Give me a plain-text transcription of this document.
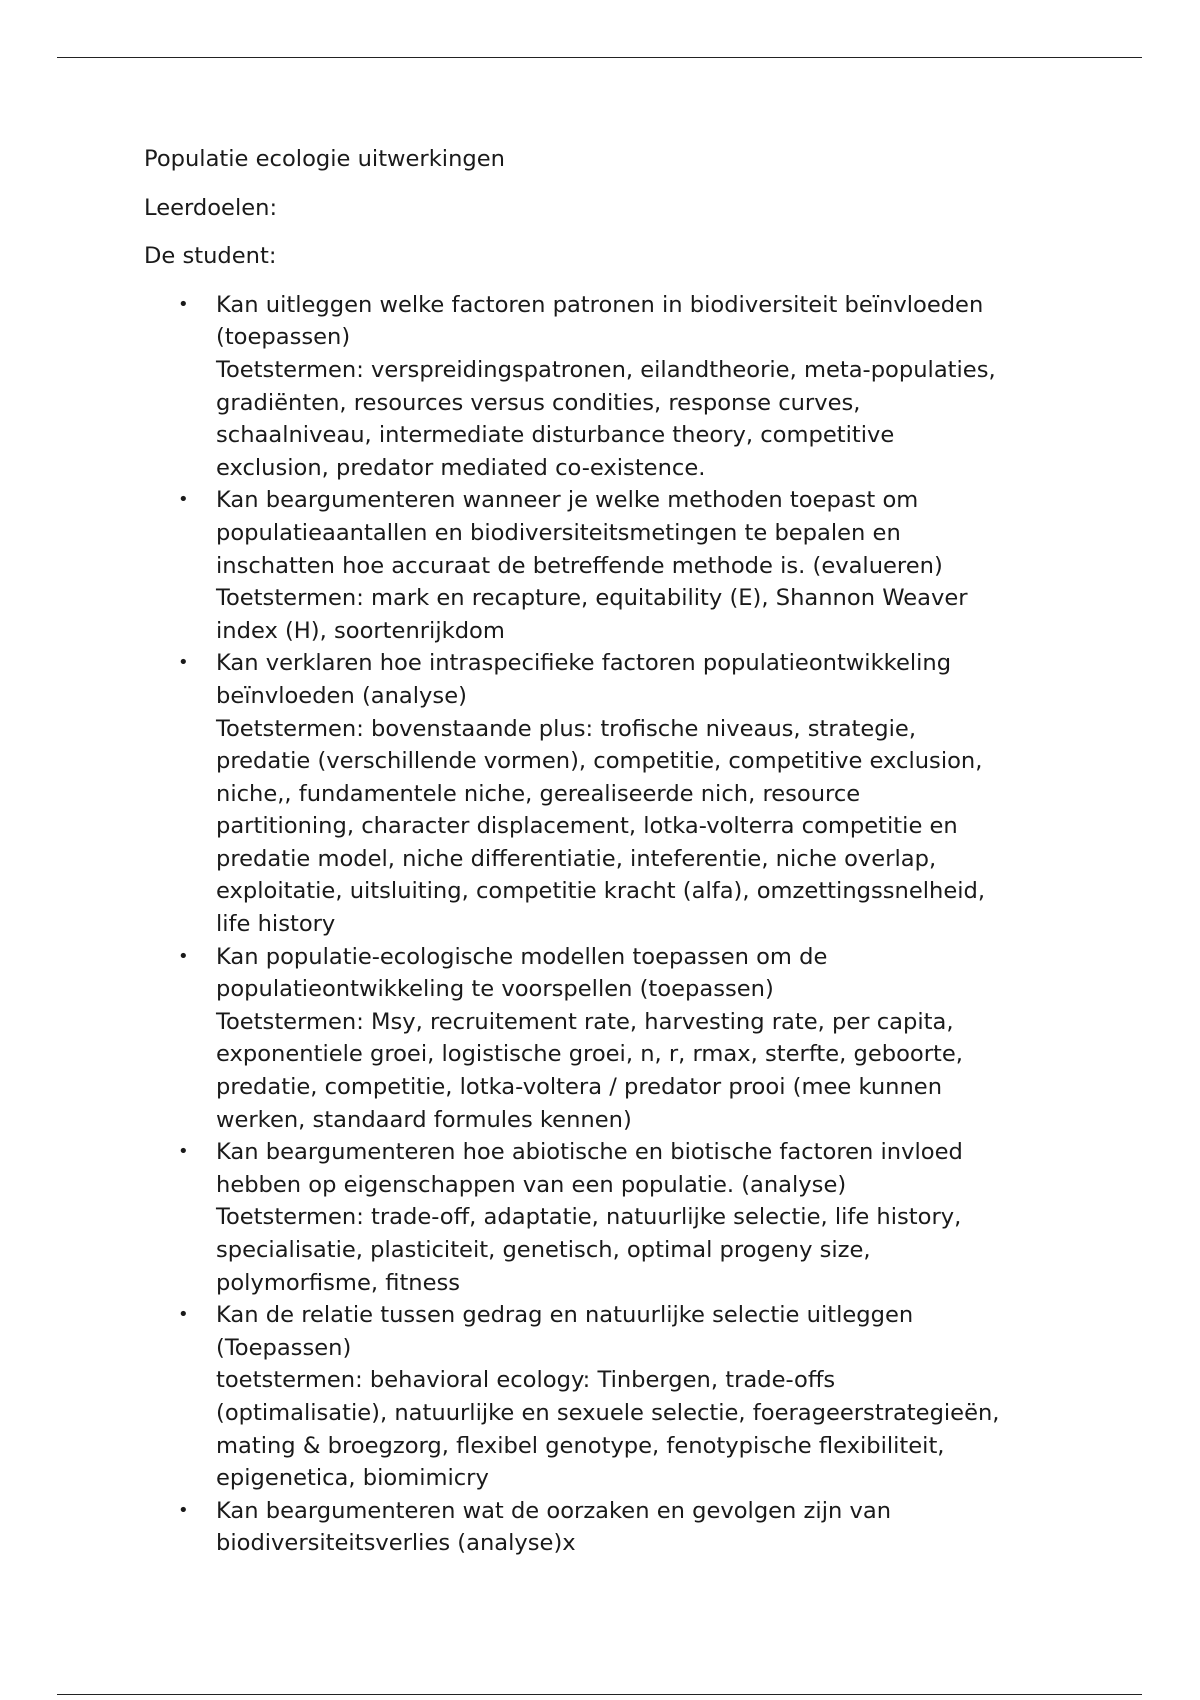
Populatie ecologie uitwerkingen

Leerdoelen:

De student:

• Kan uitleggen welke factoren patronen in biodiversiteit beïnvloeden
(toepassen)
Toetstermen: verspreidingspatronen, eilandtheorie, meta-populaties,
gradiënten, resources versus condities, response curves,
schaalniveau, intermediate disturbance theory, competitive
exclusion, predator mediated co-existence.
• Kan beargumenteren wanneer je welke methoden toepast om
populatieaantallen en biodiversiteitsmetingen te bepalen en
inschatten hoe accuraat de betreffende methode is. (evalueren)
Toetstermen: mark en recapture, equitability (E), Shannon Weaver
index (H), soortenrijkdom
• Kan verklaren hoe intraspecifieke factoren populatieontwikkeling
beïnvloeden (analyse)
Toetstermen: bovenstaande plus: trofische niveaus, strategie,
predatie (verschillende vormen), competitie, competitive exclusion,
niche,, fundamentele niche, gerealiseerde nich, resource
partitioning, character displacement, lotka-volterra competitie en
predatie model, niche differentiatie, inteferentie, niche overlap,
exploitatie, uitsluiting, competitie kracht (alfa), omzettingssnelheid,
life history
• Kan populatie-ecologische modellen toepassen om de
populatieontwikkeling te voorspellen (toepassen)
Toetstermen: Msy, recruitement rate, harvesting rate, per capita,
exponentiele groei, logistische groei, n, r, rmax, sterfte, geboorte,
predatie, competitie, lotka-voltera / predator prooi (mee kunnen
werken, standaard formules kennen)
• Kan beargumenteren hoe abiotische en biotische factoren invloed
hebben op eigenschappen van een populatie. (analyse)
Toetstermen: trade-off, adaptatie, natuurlijke selectie, life history,
specialisatie, plasticiteit, genetisch, optimal progeny size,
polymorfisme, fitness
• Kan de relatie tussen gedrag en natuurlijke selectie uitleggen
(Toepassen)
toetstermen: behavioral ecology: Tinbergen, trade-offs
(optimalisatie), natuurlijke en sexuele selectie, foerageerstrategieën,
mating & broegzorg, flexibel genotype, fenotypische flexibiliteit,
epigenetica, biomimicry
• Kan beargumenteren wat de oorzaken en gevolgen zijn van
biodiversiteitsverlies (analyse)x
